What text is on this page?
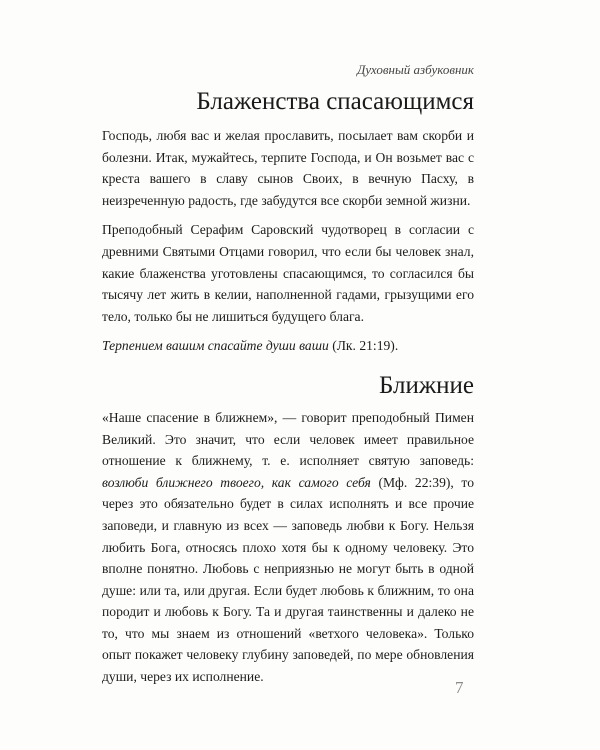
Духовный азбуковник
Блаженства спасающимся

Господь, любя вас и желая прославить, посылает вам скорби и болезни. Итак, мужайтесь, терпите Господа, и Он возьмет вас с креста вашего в славу сынов Своих, в вечную Пасху, в неизреченную радость, где забудутся все скорби земной жизни.

Преподобный Серафим Саровский чудотворец в согласии с древними Святыми Отцами говорил, что если бы человек знал, какие блаженства уготовлены спасающимся, то согласился бы тысячу лет жить в келии, наполненной гадами, грызущими его тело, только бы не лишиться будущего блага.

Терпением вашим спасайте души ваши (Лк. 21:19).

Ближние

«Наше спасение в ближнем», — говорит преподобный Пимен Великий. Это значит, что если человек имеет правильное отношение к ближнему, т. е. исполняет святую заповедь: возлюби ближнего твоего, как самого себя (Мф. 22:39), то через это обязательно будет в силах исполнять и все прочие заповеди, и главную из всех — заповедь любви к Богу. Нельзя любить Бога, относясь плохо хотя бы к одному человеку. Это вполне понятно. Любовь с неприязнью не могут быть в одной душе: или та, или другая. Если будет любовь к ближним, то она породит и любовь к Богу. Та и другая таинственны и далеко не то, что мы знаем из отношений «ветхого человека». Только опыт покажет человеку глубину заповедей, по мере обновления души, через их исполнение.

7
